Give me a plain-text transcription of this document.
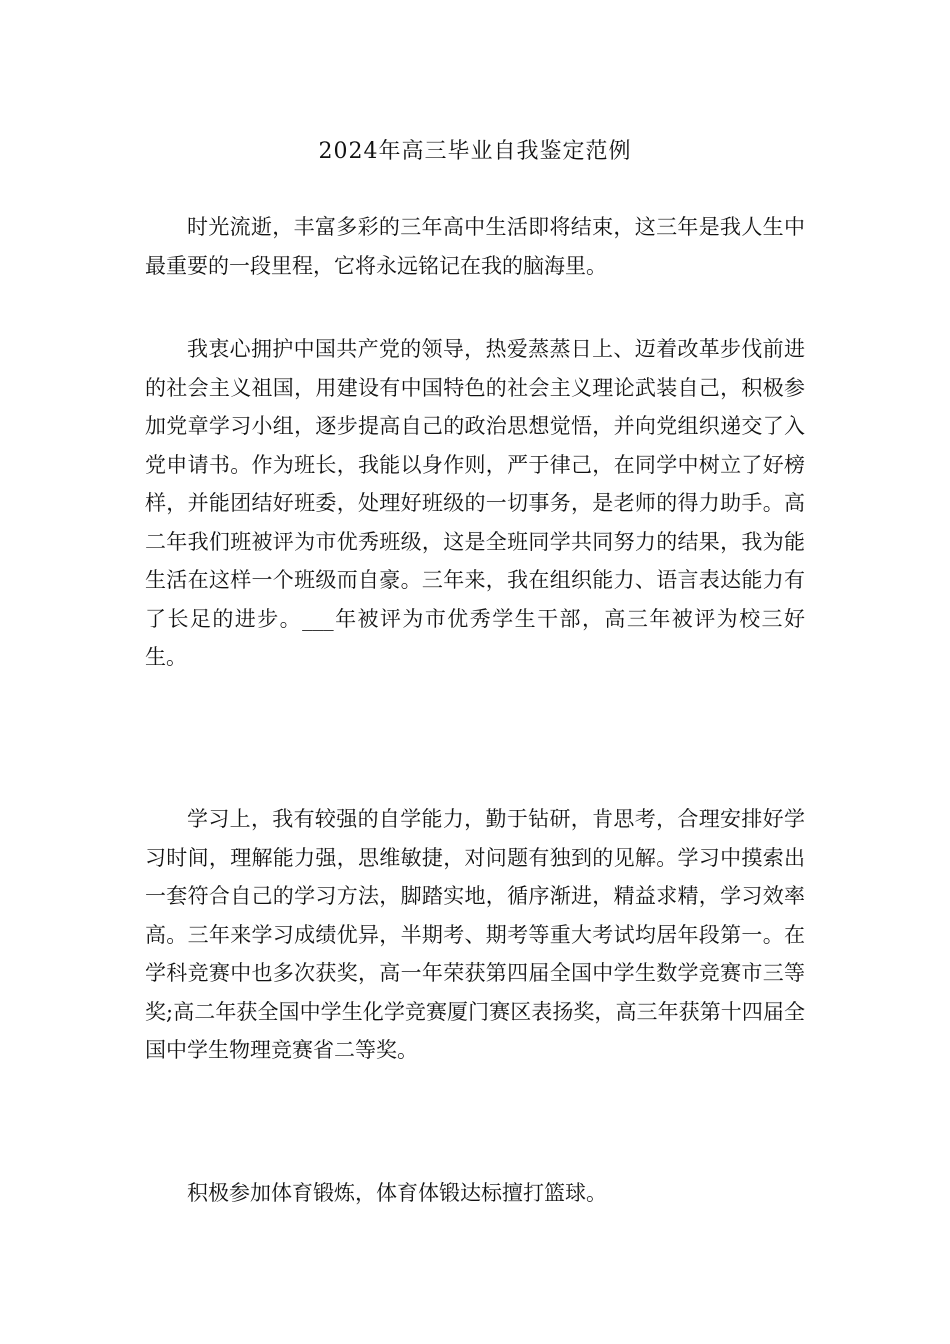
2024年高三毕业自我鉴定范例

时光流逝，丰富多彩的三年高中生活即将结束，这三年是我人生中最重要的一段里程，它将永远铭记在我的脑海里。

我衷心拥护中国共产党的领导，热爱蒸蒸日上、迈着改革步伐前进的社会主义祖国，用建设有中国特色的社会主义理论武装自己，积极参加党章学习小组，逐步提高自己的政治思想觉悟，并向党组织递交了入党申请书。作为班长，我能以身作则，严于律己，在同学中树立了好榜样，并能团结好班委，处理好班级的一切事务，是老师的得力助手。高二年我们班被评为市优秀班级，这是全班同学共同努力的结果，我为能生活在这样一个班级而自豪。三年来，我在组织能力、语言表达能力有了长足的进步。___年被评为市优秀学生干部，高三年被评为校三好生。

学习上，我有较强的自学能力，勤于钻研，肯思考，合理安排好学习时间，理解能力强，思维敏捷，对问题有独到的见解。学习中摸索出一套符合自己的学习方法，脚踏实地，循序渐进，精益求精，学习效率高。三年来学习成绩优异，半期考、期考等重大考试均居年段第一。在学科竞赛中也多次获奖，高一年荣获第四届全国中学生数学竞赛市三等奖;高二年获全国中学生化学竞赛厦门赛区表扬奖，高三年获第十四届全国中学生物理竞赛省二等奖。

积极参加体育锻炼，体育体锻达标擅打篮球。
